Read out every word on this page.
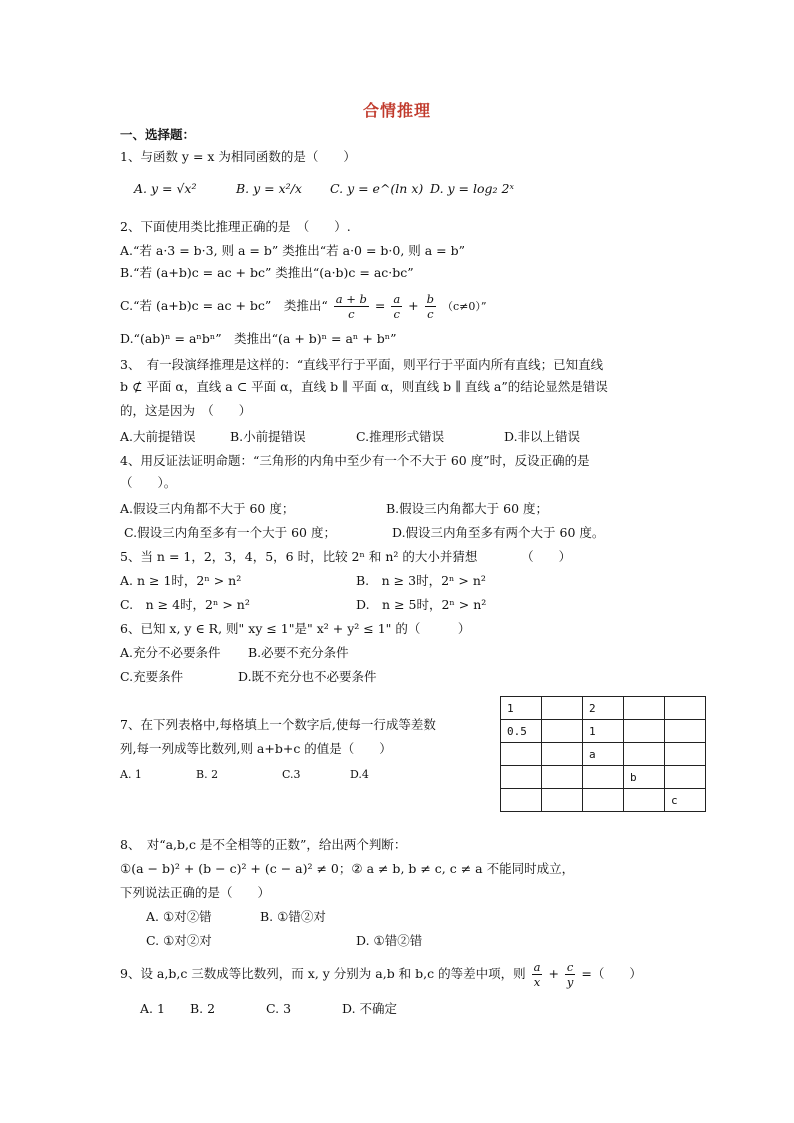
合情推理
一、选择题：
1、与函数 y = x 为相同函数的是（　　）
A. y = √x²	B. y = x²/x C. y = e^(ln x) D. y = log₂ 2ˣ
2、下面使用类比推理正确的是　（　　）.
A.“若 a·3 = b·3, 则 a = b” 类推出“若 a·0 = b·0, 则 a = b”
B.“若 (a+b)c = ac + bc” 类推出“(a·b)c = ac·bc”
C.“若 (a+b)c = ac + bc”　类推出“ $\frac{a + b}{c} = \frac{a}{c} + \frac{b}{c} (c\ne 0)$”
D.“(ab)ⁿ = aⁿbⁿ”　类推出“(a + b)ⁿ = aⁿ + bⁿ”
3、　有一段演绎推理是这样的：“直线平行于平面，则平行于平面内所有直线；已知直线
b ⊄ 平面 α，直线 a ⊂ 平面 α，直线 b ∥ 平面 α，则直线 b ∥ 直线 a”的结论显然是错误
的，这是因为　（　　）
A.大前提错误	B.小前提错误	C.推理形式错误	D.非以上错误
4、用反证法证明命题：“三角形的内角中至少有一个不大于 60 度”时，反设正确的是
（　　）。
A.假设三内角都不大于 60 度；	B.假设三内角都大于 60 度；
C.假设三内角至多有一个大于 60 度；	D.假设三内角至多有两个大于 60 度。
5、当 n = 1，2，3，4，5，6 时，比较 2ⁿ 和 n² 的大小并猜想　　　　（　　）
A. n ≥ 1时，2ⁿ > n²	B.　n ≥ 3时，2ⁿ > n²
C.　n ≥ 4时，2ⁿ > n²	D.　n ≥ 5时，2ⁿ > n²
6、已知 x, y ∈ R, 则" xy ≤ 1"是" x² + y² ≤ 1" 的（　　　）
A.充分不必要条件 B.必要不充分条件
C.充要条件	D.既不充分也不必要条件
7、在下列表格中,每格填上一个数字后,使每一行成等差数
列,每一列成等比数列,则 a+b+c 的值是（　　）
A. 1	B. 2	C.3	D.4
1		2		
0.5		1		
		a		
			b	
				c
8、　对“a,b,c 是不全相等的正数”，给出两个判断：
①(a − b)² + (b − c)² + (c − a)² ≠ 0；② a ≠ b, b ≠ c, c ≠ a 不能同时成立，
下列说法正确的是（　　）
A. ①对②错	B. ①错②对
C. ①对②对	D. ①错②错
9、设 a,b,c 三数成等比数列，而 x, y 分别为 a,b 和 b,c 的等差中项，则 $\frac{a}{x} + \frac{c}{y}$ =（　　）
A. 1 B. 2	C. 3	D. 不确定
